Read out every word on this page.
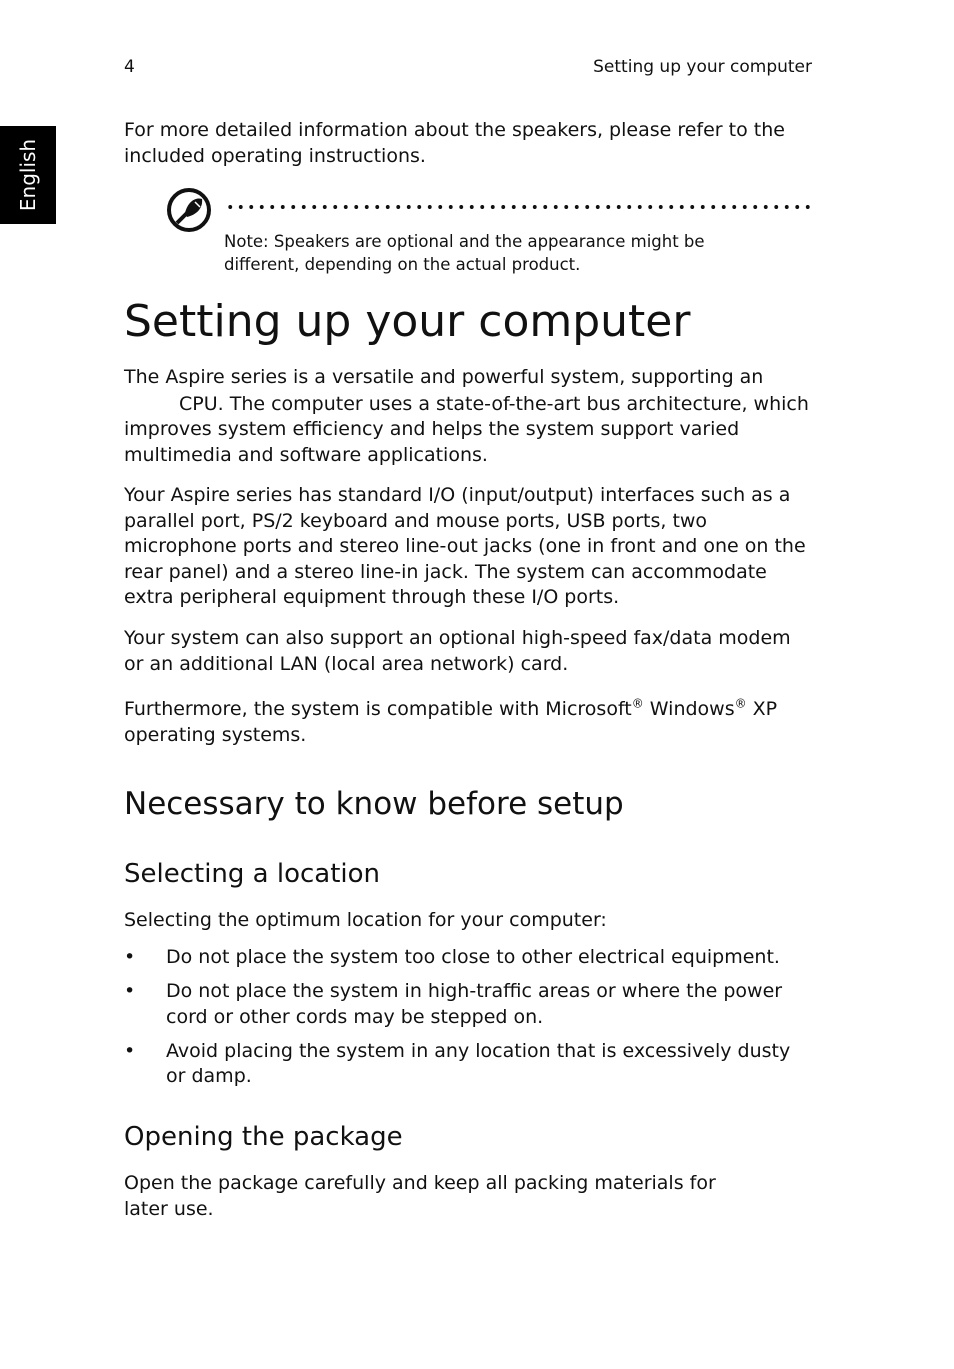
4	Setting up your computer
English

For more detailed information about the speakers, please refer to the included operating instructions.

Note: Speakers are optional and the appearance might be different, depending on the actual product.
Setting up your computer

The Aspire series is a versatile and powerful system, supporting an

CPU. The computer uses a state-of-the-art bus architecture, which improves system efficiency and helps the system support varied multimedia and software applications.

Your Aspire series has standard I/O (input/output) interfaces such as a parallel port, PS/2 keyboard and mouse ports, USB ports, two microphone ports and stereo line-out jacks (one in front and one on the rear panel) and a stereo line-in jack. The system can accommodate extra peripheral equipment through these I/O ports.

Your system can also support an optional high-speed fax/data modem or an additional LAN (local area network) card.

Furthermore, the system is compatible with Microsoft® Windows® XP operating systems.

Necessary to know before setup
Selecting a location

Selecting the optimum location for your computer:

• Do not place the system too close to other electrical equipment.
• Do not place the system in high-traffic areas or where the power cord or other cords may be stepped on.
• Avoid placing the system in any location that is excessively dusty or damp.
Opening the package

Open the package carefully and keep all packing materials for

later use.
